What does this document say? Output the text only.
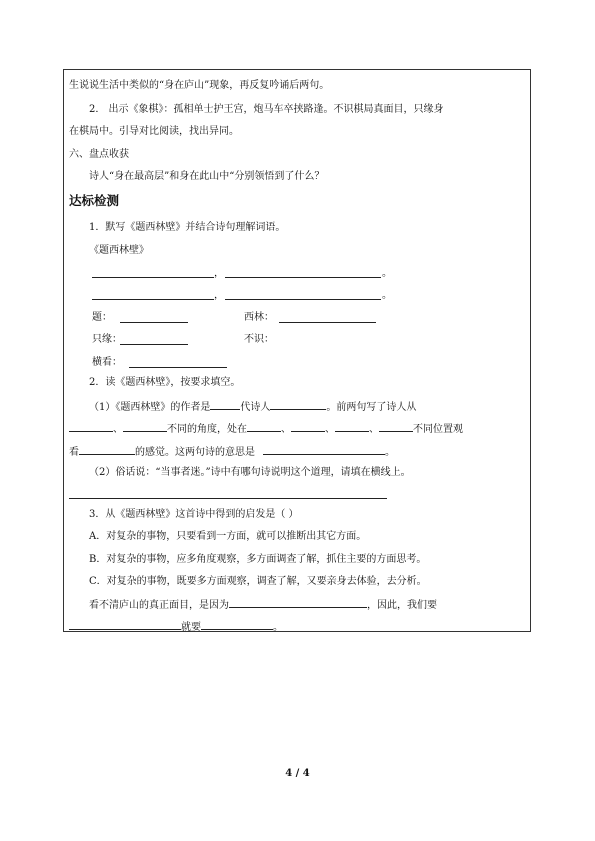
生说说生活中类似的“身在庐山”现象，再反复吟诵后两句。
2． 出示《象棋》：孤相单士护王宫，炮马车卒挟路逢。不识棋局真面目，只缘身
在棋局中。引导对比阅读，找出异同。
六、盘点收获
诗人“身在最高层”和身在此山中“分别领悟到了什么？
达标检测
1．默写《题西林壁》并结合诗句理解词语。
《题西林壁》
，	。
，	。
题：	西林：
只缘：	不识：
横看：
2．读《题西林壁》，按要求填空。
（1）《题西林壁》的作者是	代诗人	。前两句写了诗人从
、	不同的角度，处在	、	、	、	不同位置观
看	的感觉。这两句诗的意思是	。
（2）俗话说：“当事者迷。”诗中有哪句诗说明这个道理，请填在横线上。
3．从《题西林壁》这首诗中得到的启发是（ ）
A．对复杂的事物，只要看到一方面，就可以推断出其它方面。
B．对复杂的事物，应多角度观察，多方面调查了解，抓住主要的方面思考。
C．对复杂的事物，既要多方面观察，调查了解，又要亲身去体验，去分析。
看不清庐山的真正面目，是因为	，因此，我们要
就要	。
4 / 4
